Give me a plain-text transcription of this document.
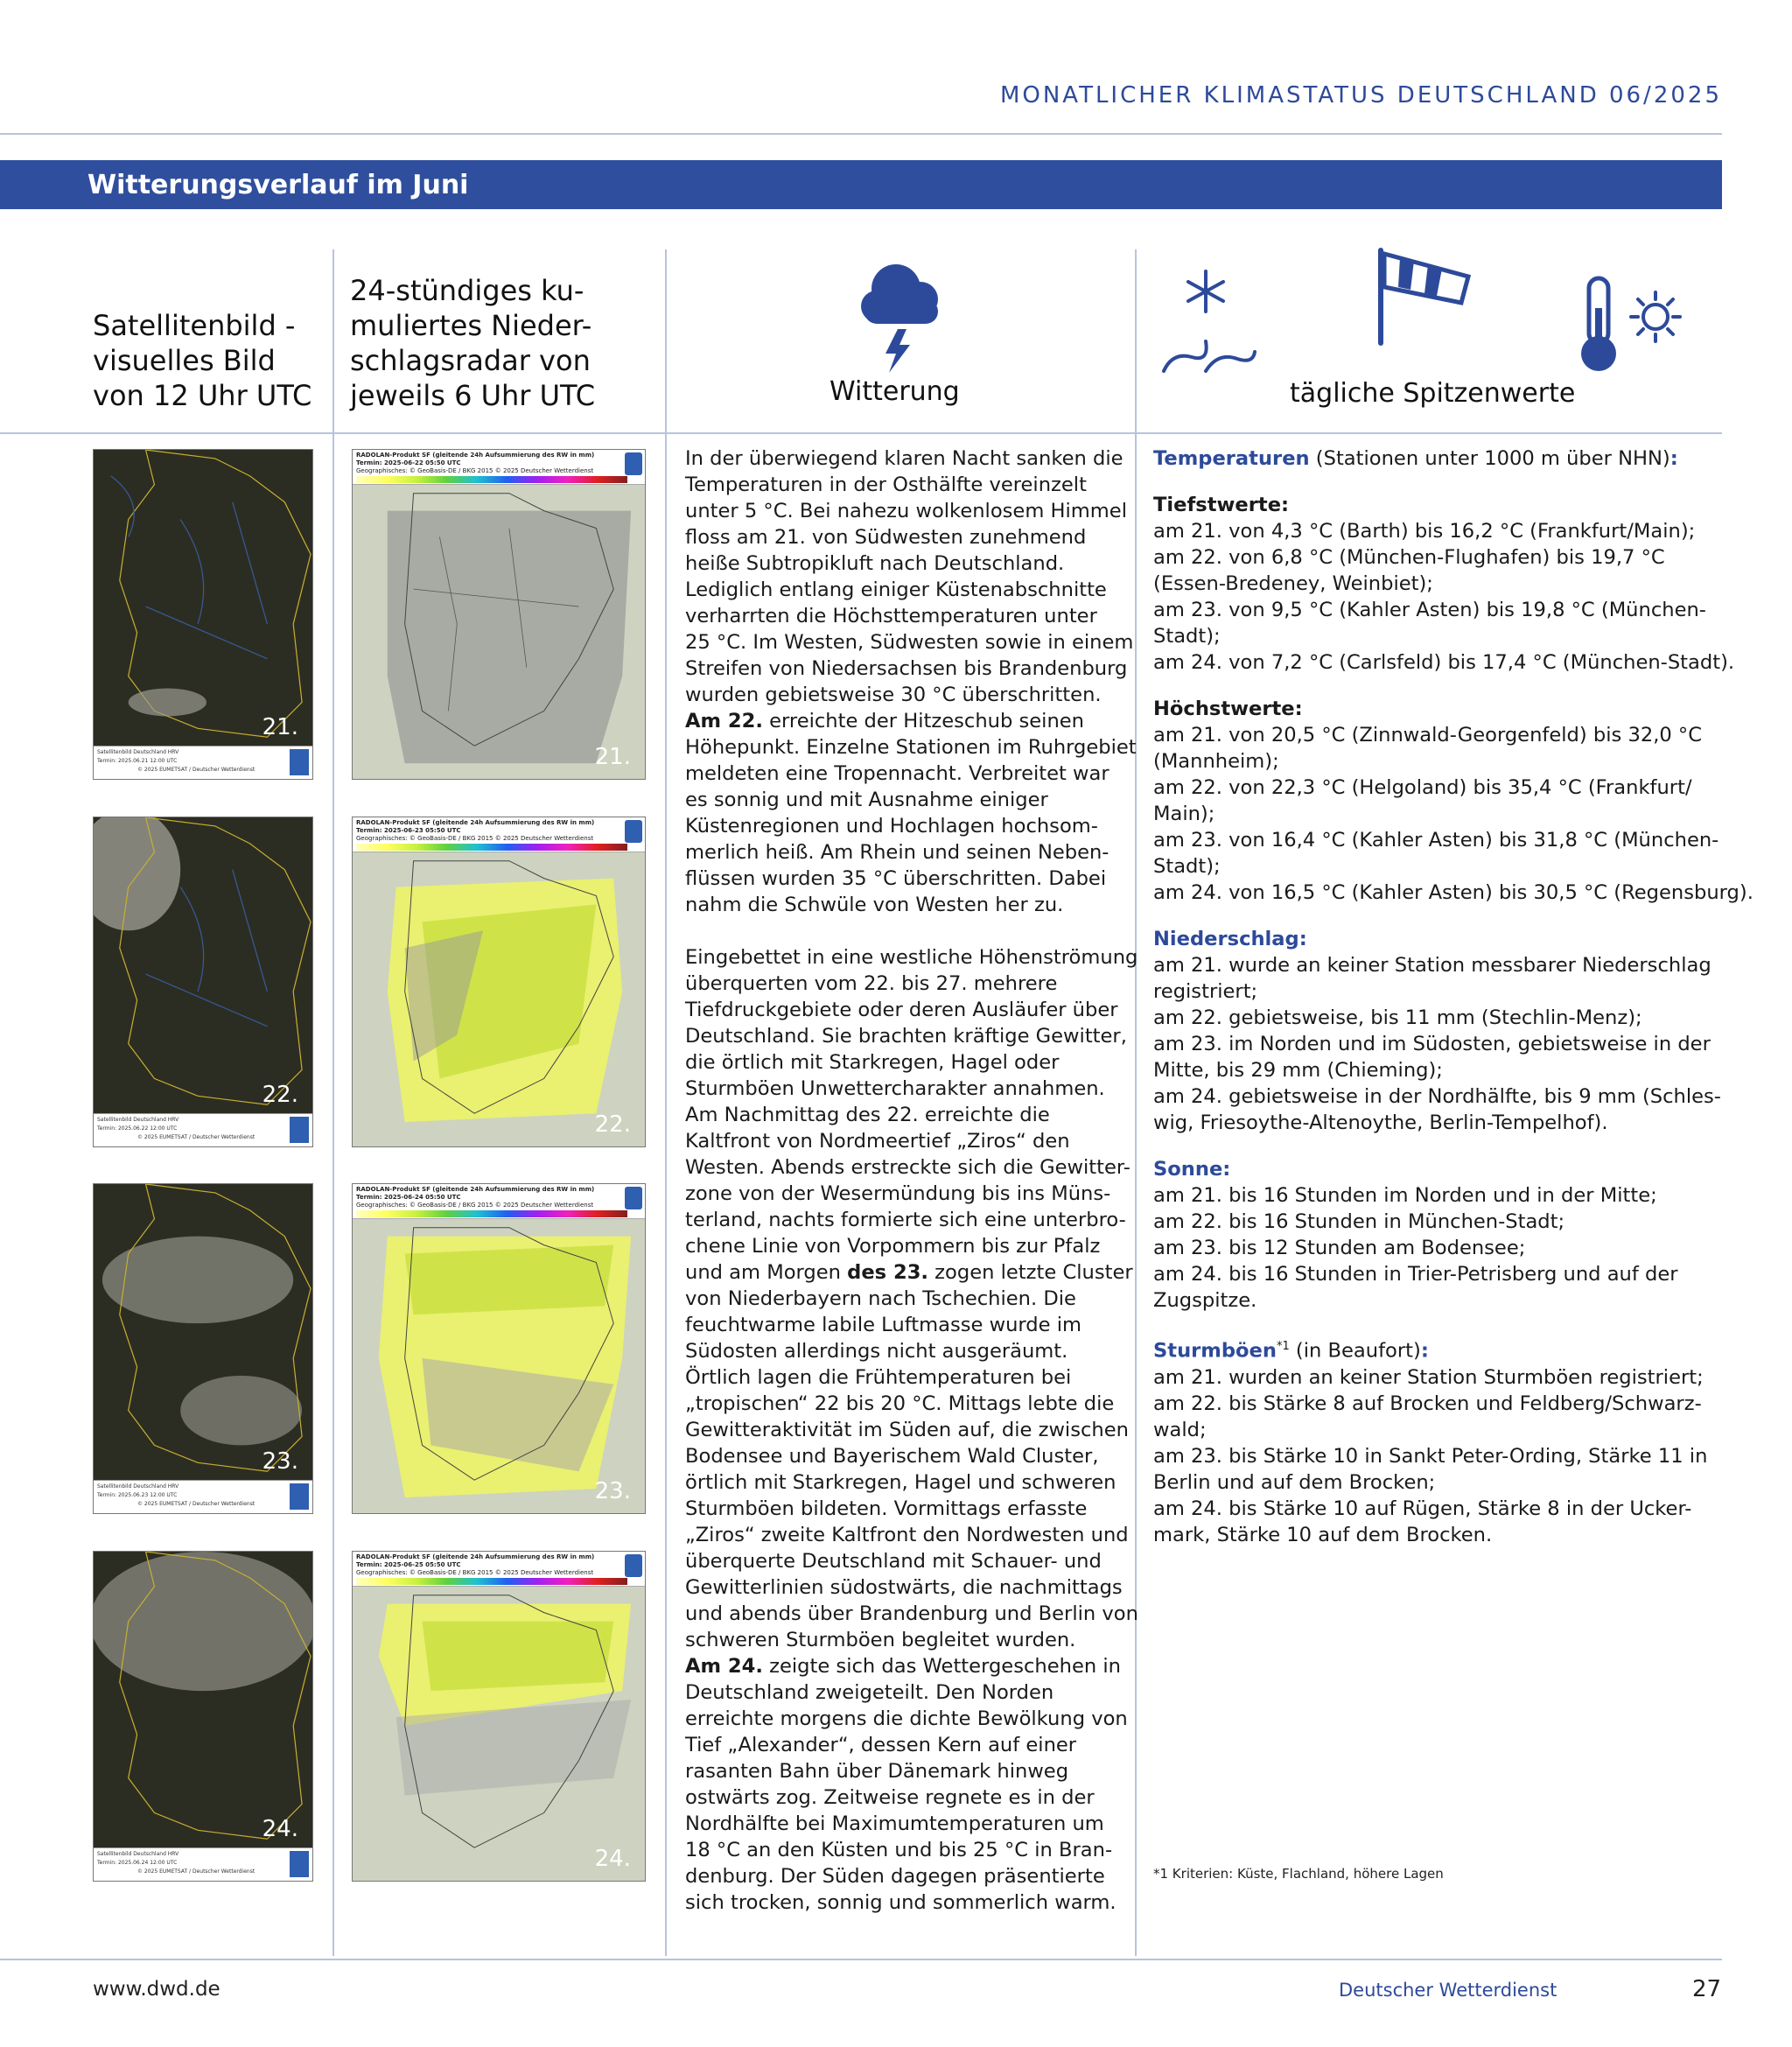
MONATLICHER KLIMASTATUS DEUTSCHLAND 06/2025
Witterungsverlauf im Juni
Satellitenbild -
visuelles Bild
von 12 Uhr UTC
24-stündiges ku-
muliertes Nieder-
schlagsradar von
jeweils 6 Uhr UTC	Witterung	tägliche Spitzenwerte
21.
Satellitenbild Deutschland HRV
Termin: 2025.06.21 12:00 UTC
© 2025 EUMETSAT / Deutscher Wetterdienst
RADOLAN-Produkt SF (gleitende 24h Aufsummierung des RW in mm)
Termin: 2025-06-22 05:50 UTC
Geographisches: © GeoBasis-DE / BKG 2015 © 2025 Deutscher Wetterdienst
21.
22.
Satellitenbild Deutschland HRV
Termin: 2025.06.22 12:00 UTC
© 2025 EUMETSAT / Deutscher Wetterdienst
RADOLAN-Produkt SF (gleitende 24h Aufsummierung des RW in mm)
Termin: 2025-06-23 05:50 UTC
Geographisches: © GeoBasis-DE / BKG 2015 © 2025 Deutscher Wetterdienst
22.
23.
Satellitenbild Deutschland HRV
Termin: 2025.06.23 12:00 UTC
© 2025 EUMETSAT / Deutscher Wetterdienst
RADOLAN-Produkt SF (gleitende 24h Aufsummierung des RW in mm)
Termin: 2025-06-24 05:50 UTC
Geographisches: © GeoBasis-DE / BKG 2015 © 2025 Deutscher Wetterdienst
23.
24.
Satellitenbild Deutschland HRV
Termin: 2025.06.24 12:00 UTC
© 2025 EUMETSAT / Deutscher Wetterdienst
RADOLAN-Produkt SF (gleitende 24h Aufsummierung des RW in mm)
Termin: 2025-06-25 05:50 UTC
Geographisches: © GeoBasis-DE / BKG 2015 © 2025 Deutscher Wetterdienst
24.
In der überwiegend klaren Nacht sanken die
Temperaturen in der Osthälfte vereinzelt
unter 5 °C. Bei nahezu wolkenlosem Himmel
floss am 21. von Südwesten zunehmend
heiße Subtropikluft nach Deutschland.
Lediglich entlang einiger Küstenabschnitte
verharrten die Höchsttemperaturen unter
25 °C. Im Westen, Südwesten sowie in einem
Streifen von Niedersachsen bis Brandenburg
wurden gebietsweise 30 °C überschritten.
Am 22. erreichte der Hitzeschub seinen
Höhepunkt. Einzelne Stationen im Ruhrgebiet
meldeten eine Tropennacht. Verbreitet war
es sonnig und mit Ausnahme einiger
Küstenregionen und Hochlagen hochsom-
merlich heiß. Am Rhein und seinen Neben-
flüssen wurden 35 °C überschritten. Dabei
nahm die Schwüle von Westen her zu.
Eingebettet in eine westliche Höhenströmung
überquerten vom 22. bis 27. mehrere
Tiefdruckgebiete oder deren Ausläufer über
Deutschland. Sie brachten kräftige Gewitter,
die örtlich mit Starkregen, Hagel oder
Sturmböen Unwettercharakter annahmen.
Am Nachmittag des 22. erreichte die
Kaltfront von Nordmeertief „Ziros“ den
Westen. Abends erstreckte sich die Gewitter-
zone von der Wesermündung bis ins Müns-
terland, nachts formierte sich eine unterbro-
chene Linie von Vorpommern bis zur Pfalz
und am Morgen des 23. zogen letzte Cluster
von Niederbayern nach Tschechien. Die
feuchtwarme labile Luftmasse wurde im
Südosten allerdings nicht ausgeräumt.
Örtlich lagen die Frühtemperaturen bei
„tropischen“ 22 bis 20 °C. Mittags lebte die
Gewitteraktivität im Süden auf, die zwischen
Bodensee und Bayerischem Wald Cluster,
örtlich mit Starkregen, Hagel und schweren
Sturmböen bildeten. Vormittags erfasste
„Ziros“ zweite Kaltfront den Nordwesten und
überquerte Deutschland mit Schauer- und
Gewitterlinien südostwärts, die nachmittags
und abends über Brandenburg und Berlin von
schweren Sturmböen begleitet wurden.
Am 24. zeigte sich das Wettergeschehen in
Deutschland zweigeteilt. Den Norden
erreichte morgens die dichte Bewölkung von
Tief „Alexander“, dessen Kern auf einer
rasanten Bahn über Dänemark hinweg
ostwärts zog. Zeitweise regnete es in der
Nordhälfte bei Maximumtemperaturen um
18 °C an den Küsten und bis 25 °C in Bran-
denburg. Der Süden dagegen präsentierte
sich trocken, sonnig und sommerlich warm.
Temperaturen (Stationen unter 1000 m über NHN):
Tiefstwerte:
am 21. von 4,3 °C (Barth) bis 16,2 °C (Frankfurt/Main);
am 22. von 6,8 °C (München-Flughafen) bis 19,7 °C
(Essen-Bredeney, Weinbiet);
am 23. von 9,5 °C (Kahler Asten) bis 19,8 °C (München-
Stadt);
am 24. von 7,2 °C (Carlsfeld) bis 17,4 °C (München-Stadt).
Höchstwerte:
am 21. von 20,5 °C (Zinnwald-Georgenfeld) bis 32,0 °C
(Mannheim);
am 22. von 22,3 °C (Helgoland) bis 35,4 °C (Frankfurt/
Main);
am 23. von 16,4 °C (Kahler Asten) bis 31,8 °C (München-
Stadt);
am 24. von 16,5 °C (Kahler Asten) bis 30,5 °C (Regensburg).
Niederschlag:
am 21. wurde an keiner Station messbarer Niederschlag
registriert;
am 22. gebietsweise, bis 11 mm (Stechlin-Menz);
am 23. im Norden und im Südosten, gebietsweise in der
Mitte, bis 29 mm (Chieming);
am 24. gebietsweise in der Nordhälfte, bis 9 mm (Schles-
wig, Friesoythe-Altenoythe, Berlin-Tempelhof).
Sonne:
am 21. bis 16 Stunden im Norden und in der Mitte;
am 22. bis 16 Stunden in München-Stadt;
am 23. bis 12 Stunden am Bodensee;
am 24. bis 16 Stunden in Trier-Petrisberg und auf der
Zugspitze.
Sturmböen$^{*1}$ (in Beaufort):
am 21. wurden an keiner Station Sturmböen registriert;
am 22. bis Stärke 8 auf Brocken und Feldberg/Schwarz-
wald;
am 23. bis Stärke 10 in Sankt Peter-Ording, Stärke 11 in
Berlin und auf dem Brocken;
am 24. bis Stärke 10 auf Rügen, Stärke 8 in der Ucker-
mark, Stärke 10 auf dem Brocken.
*1 Kriterien: Küste, Flachland, höhere Lagen
www.dwd.de	Deutscher Wetterdienst	27
